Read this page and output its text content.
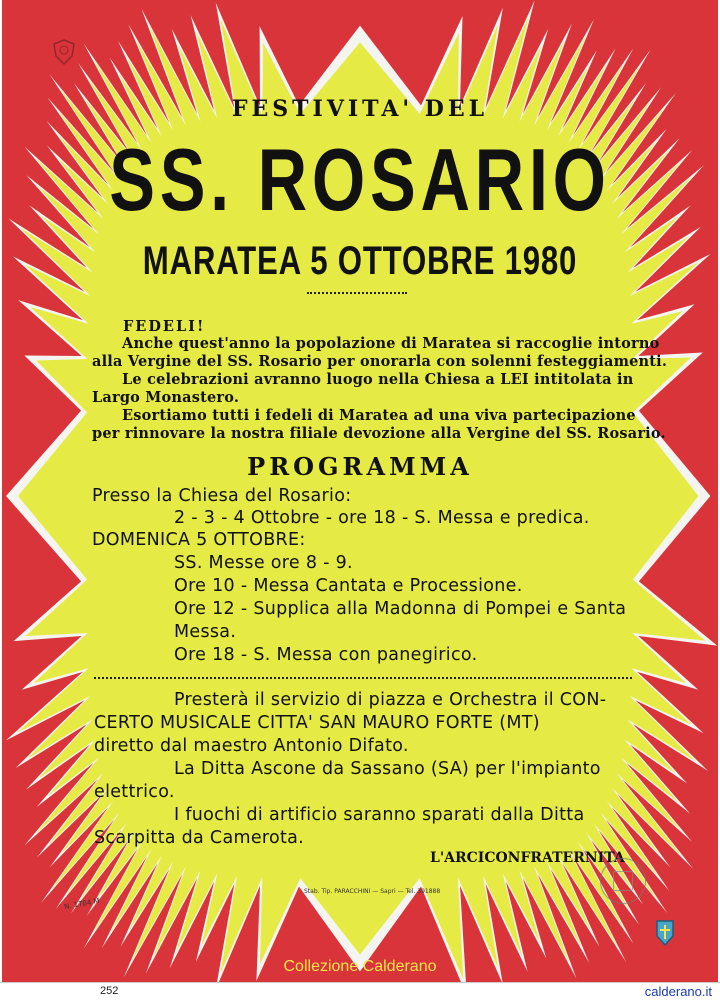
FESTIVITA' DEL
SS. ROSARIO
MARATEA 5 OTTOBRE 1980
FEDELI!
Anche quest'anno la popolazione di Maratea si raccoglie intorno
alla Vergine del SS. Rosario per onorarla con solenni festeggiamenti.
Le celebrazioni avranno luogo nella Chiesa a LEI intitolata in
Largo Monastero.
Esortiamo tutti i fedeli di Maratea ad una viva partecipazione
per rinnovare la nostra filiale devozione alla Vergine del SS. Rosario.
PROGRAMMA
Presso la Chiesa del Rosario:
2 - 3 - 4 Ottobre - ore 18 - S. Messa e predica.
DOMENICA 5 OTTOBRE:
SS. Messe ore 8 - 9.
Ore 10 - Messa Cantata e Processione.
Ore 12 - Supplica alla Madonna di Pompei e Santa
Messa.
Ore 18 - S. Messa con panegirico.
Presterà il servizio di piazza e Orchestra il CON-
CERTO MUSICALE CITTA' SAN MAURO FORTE (MT)
diretto dal maestro Antonio Difato.
La Ditta Ascone da Sassano (SA) per l'impianto
elettrico.
I fuochi di artificio saranno sparati dalla Ditta
Scarpitta da Camerota.
L'ARCICONFRATERNITA
Stab. Tip. PARACCHINI — Sapri — Tel. 391888
N. 1704 M
Collezione Calderano
252	calderano.it
